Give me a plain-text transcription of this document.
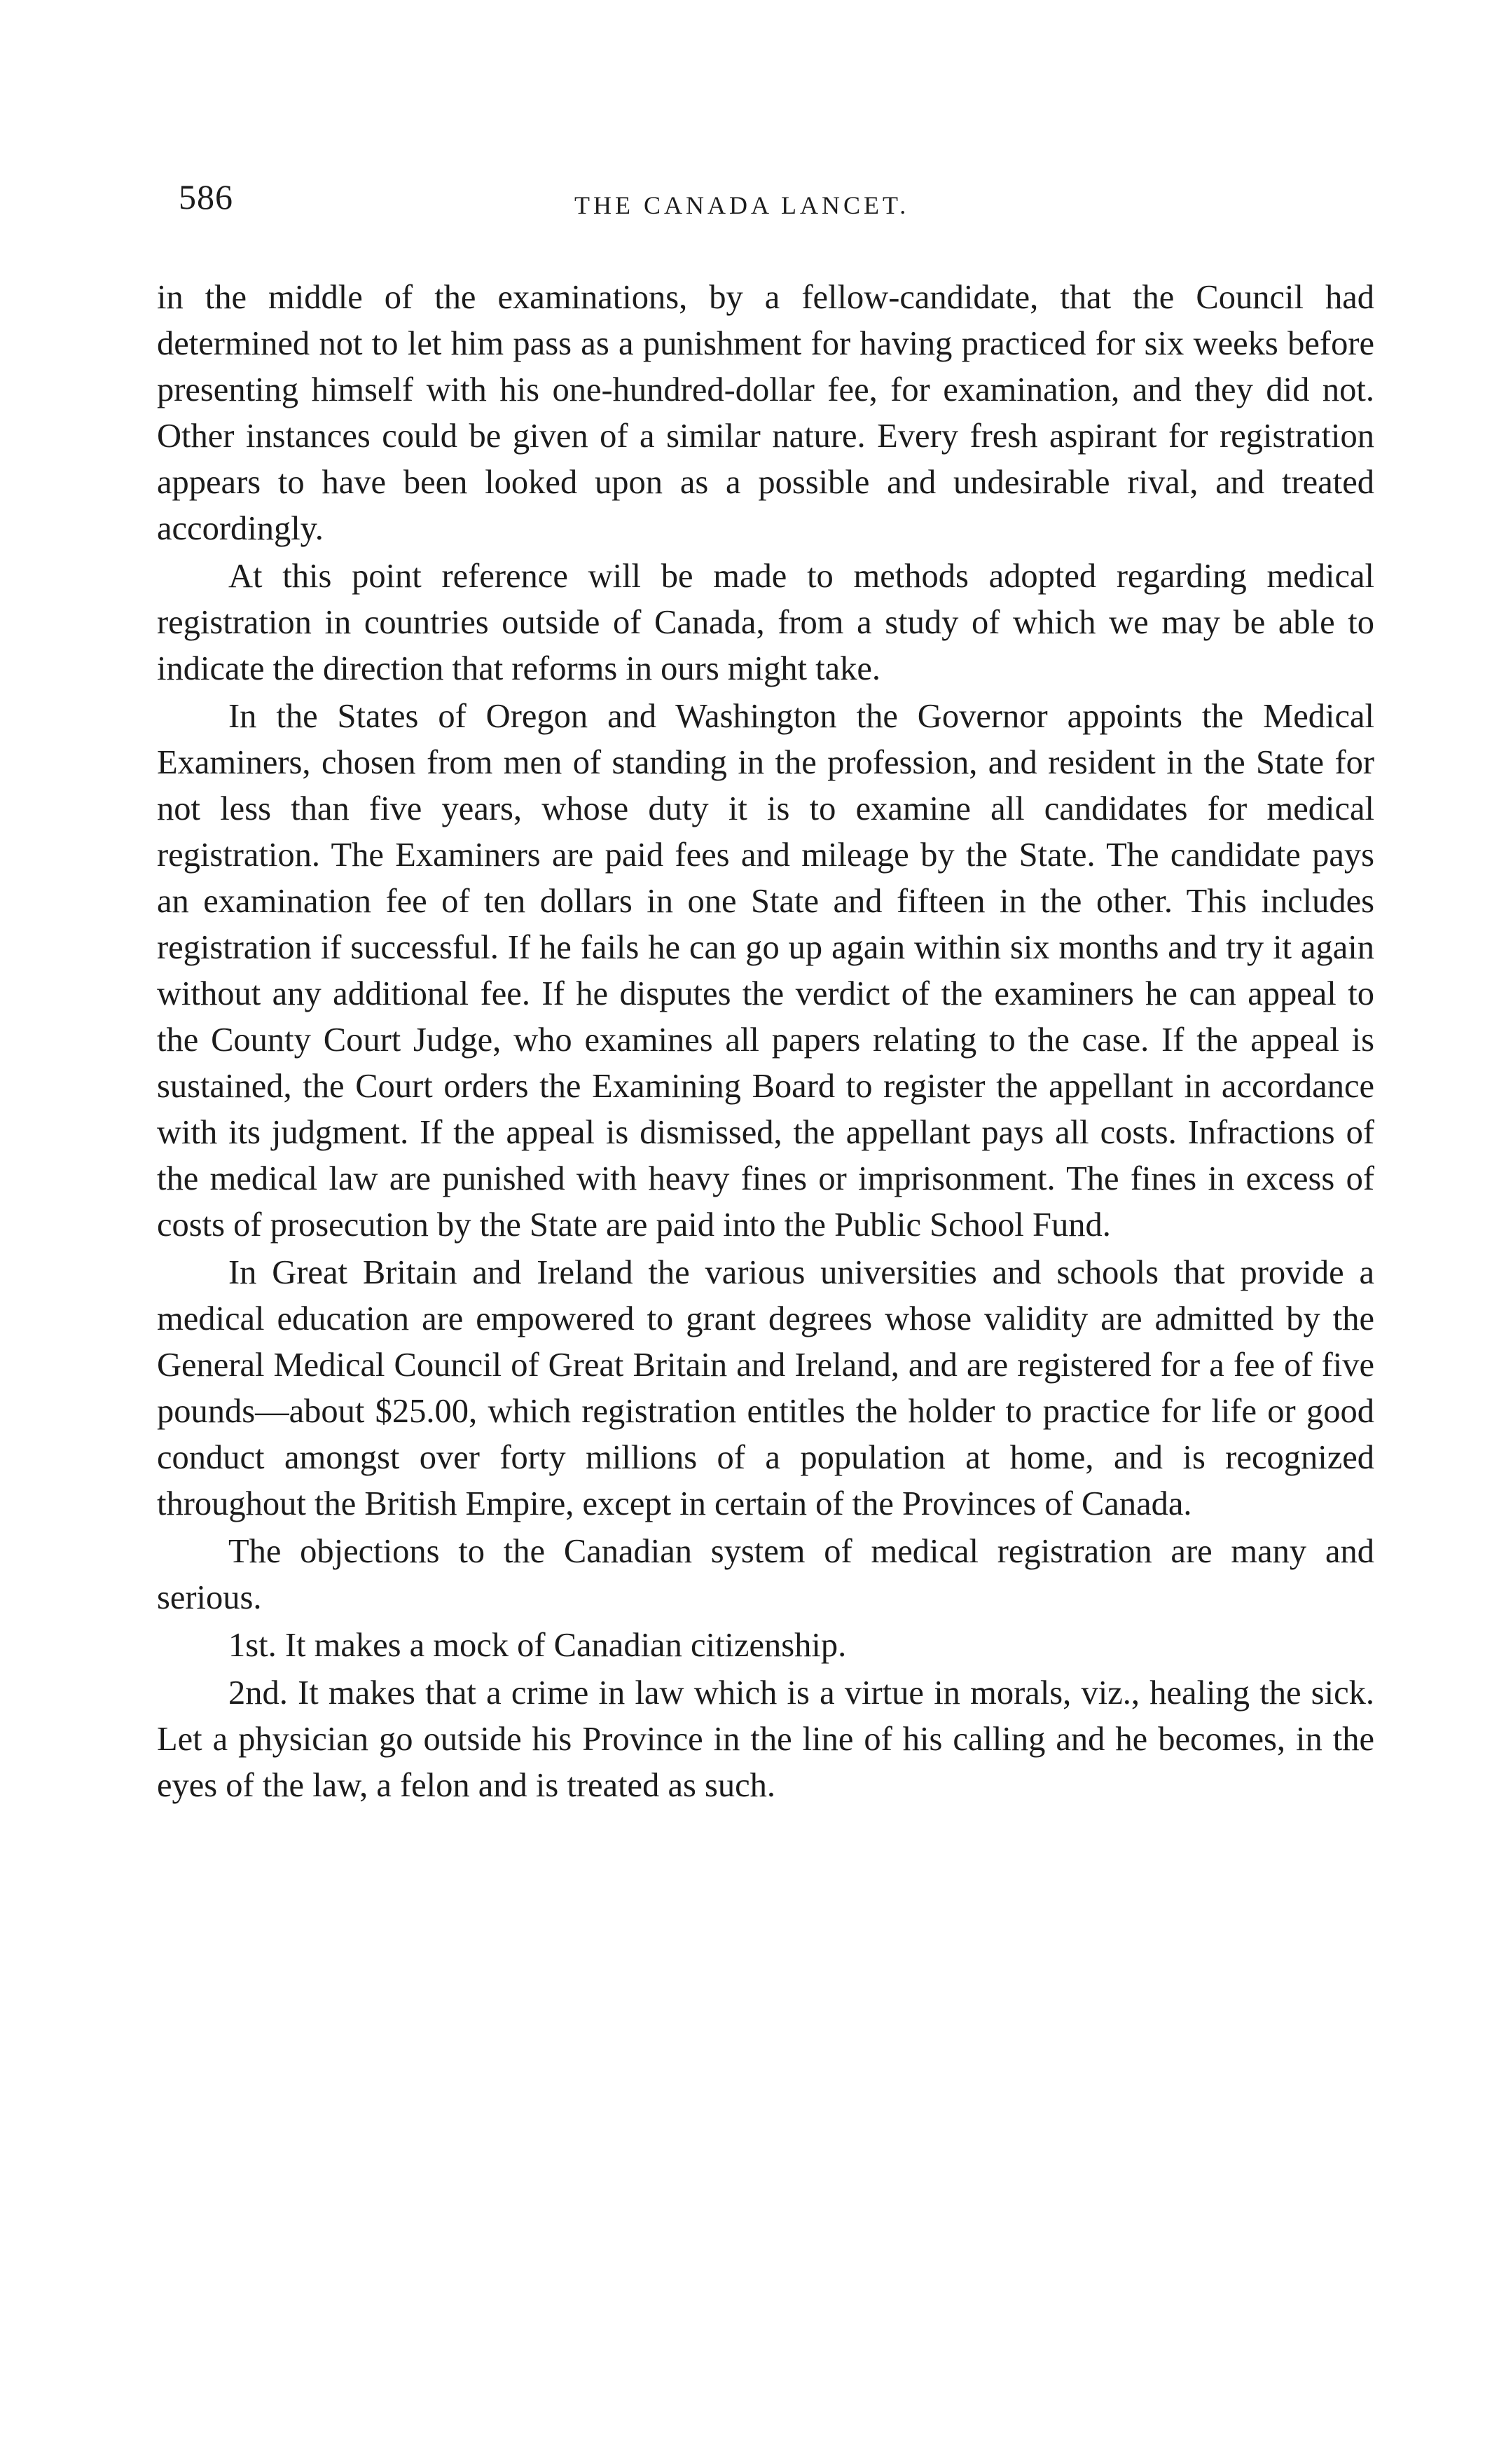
586	THE CANADA LANCET.

in the middle of the examinations, by a fellow-candidate, that the Council had determined not to let him pass as a punishment for having practiced for six weeks before presenting himself with his one-hundred-dollar fee, for examination, and they did not. Other instances could be given of a similar nature. Every fresh aspirant for registration appears to have been looked upon as a possible and undesirable rival, and treated accordingly.

At this point reference will be made to methods adopted regarding medical registration in countries outside of Canada, from a study of which we may be able to indicate the direction that reforms in ours might take.

In the States of Oregon and Washington the Governor appoints the Medical Examiners, chosen from men of standing in the profession, and resident in the State for not less than five years, whose duty it is to examine all candidates for medical registration. The Examiners are paid fees and mileage by the State. The candidate pays an examination fee of ten dollars in one State and fifteen in the other. This includes registration if successful. If he fails he can go up again within six months and try it again without any additional fee. If he disputes the verdict of the examiners he can appeal to the County Court Judge, who examines all papers relating to the case. If the appeal is sustained, the Court orders the Examining Board to register the appellant in accordance with its judgment. If the appeal is dismissed, the appellant pays all costs. Infractions of the medical law are punished with heavy fines or imprisonment. The fines in excess of costs of prosecution by the State are paid into the Public School Fund.

In Great Britain and Ireland the various universities and schools that provide a medical education are empowered to grant degrees whose validity are admitted by the General Medical Council of Great Britain and Ireland, and are registered for a fee of five pounds—about $25.00, which registration entitles the holder to practice for life or good conduct amongst over forty millions of a population at home, and is recognized throughout the British Empire, except in certain of the Provinces of Canada.

The objections to the Canadian system of medical registration are many and serious.

1st. It makes a mock of Canadian citizenship.

2nd. It makes that a crime in law which is a virtue in morals, viz., healing the sick. Let a physician go outside his Province in the line of his calling and he becomes, in the eyes of the law, a felon and is treated as such.
